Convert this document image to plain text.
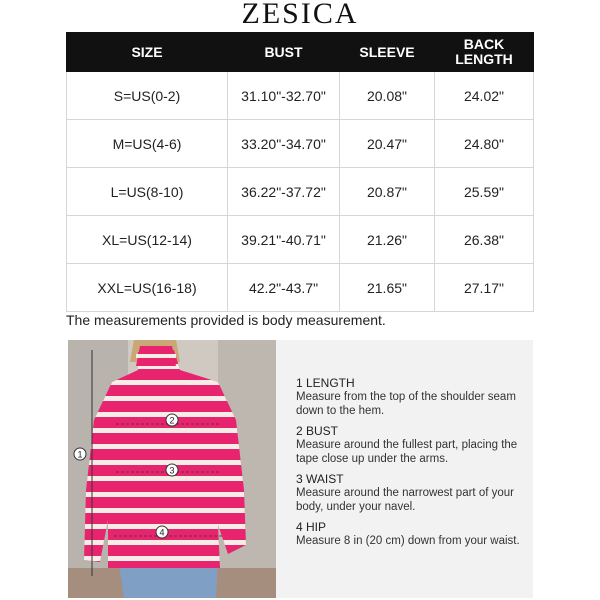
ZESICA
SIZE	BUST	SLEEVE	BACK LENGTH
S=US(0-2)	31.10"-32.70"	20.08"	24.02"
M=US(4-6)	33.20"-34.70"	20.47"	24.80"
L=US(8-10)	36.22"-37.72"	20.87"	25.59"
XL=US(12-14)	39.21"-40.71"	21.26"	26.38"
XXL=US(16-18)	42.2"-43.7"	21.65"	27.17"
The measurements provided is body measurement.
1
2
3
4
1 LENGTH
Measure from the top of the shoulder seam down to the hem.
2 BUST
Measure around the fullest part, placing the tape close up under the arms.
3 WAIST
Measure around the narrowest part of your body, under your navel.
4 HIP
Measure 8 in (20 cm) down from your waist.
